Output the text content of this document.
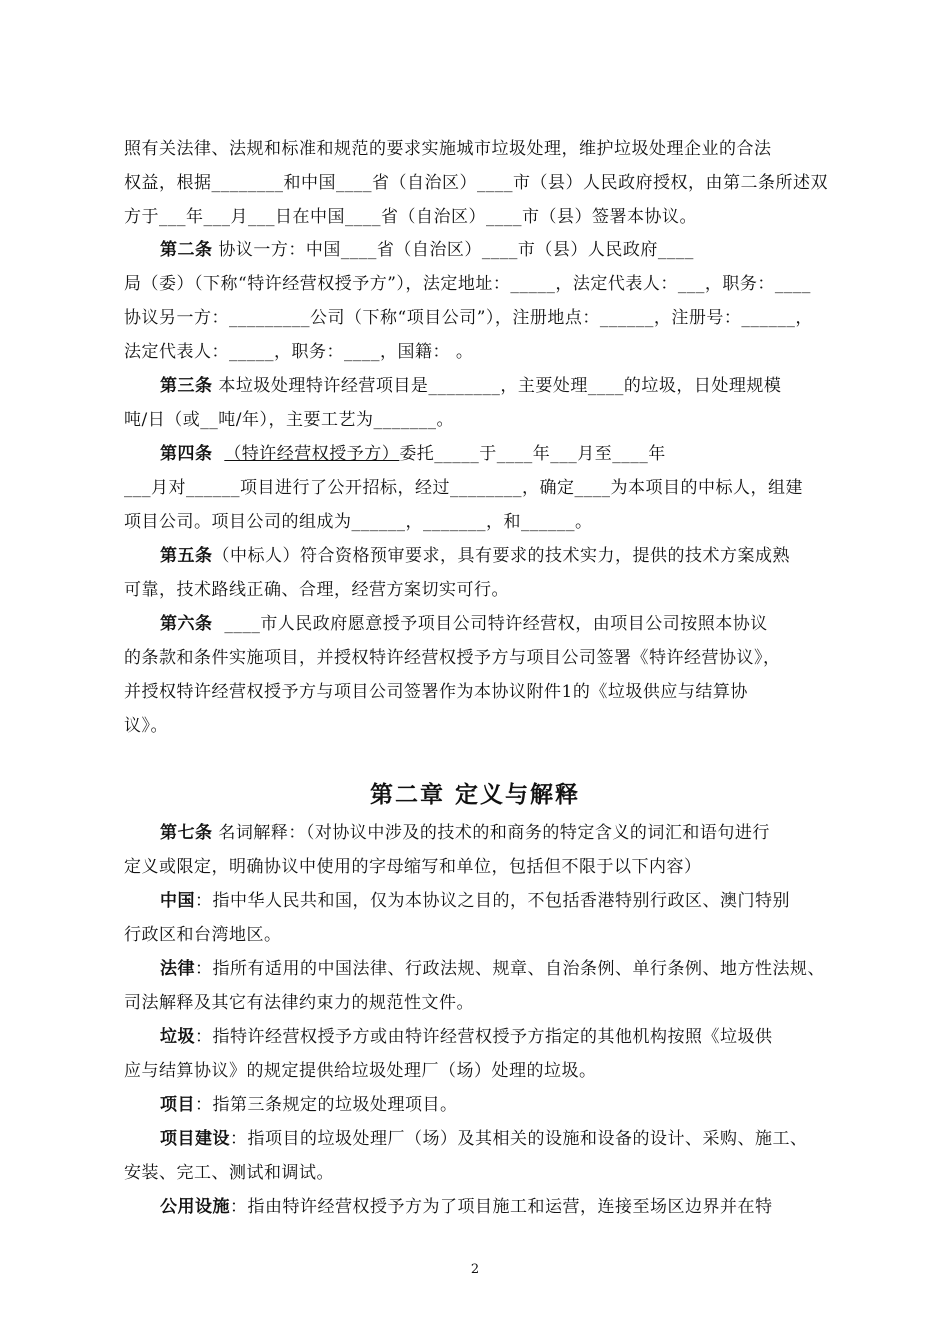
照有关法律、法规和标准和规范的要求实施城市垃圾处理，维护垃圾处理企业的合法
权益，根据________和中国____省（自治区）____市（县）人民政府授权，由第二条所述双
方于___年___月___日在中国____省（自治区）____市（县）签署本协议。
第二条 协议一方：中国____省（自治区）____市（县）人民政府____
局（委）（下称“特许经营权授予方”），法定地址：_____，法定代表人：___，职务：____
协议另一方：_________公司（下称“项目公司”），注册地点：______，注册号：______，
法定代表人：_____，职务：____，国籍： 。
第三条 本垃圾处理特许经营项目是________，主要处理____的垃圾，日处理规模
吨/日（或__吨/年），主要工艺为_______。
第四条 （特许经营权授予方）委托_____于____年___月至____年
___月对______项目进行了公开招标，经过________，确定____为本项目的中标人，组建
项目公司。项目公司的组成为______，_______，和______。
第五条（中标人）符合资格预审要求，具有要求的技术实力，提供的技术方案成熟
可靠，技术路线正确、合理，经营方案切实可行。
第六条 ____市人民政府愿意授予项目公司特许经营权，由项目公司按照本协议
的条款和条件实施项目，并授权特许经营权授予方与项目公司签署《特许经营协议》，
并授权特许经营权授予方与项目公司签署作为本协议附件1的《垃圾供应与结算协
议》。
第二章 定义与解释
第七条 名词解释：（对协议中涉及的技术的和商务的特定含义的词汇和语句进行
定义或限定，明确协议中使用的字母缩写和单位，包括但不限于以下内容）
中国：指中华人民共和国，仅为本协议之目的，不包括香港特别行政区、澳门特别
行政区和台湾地区。
法律：指所有适用的中国法律、行政法规、规章、自治条例、单行条例、地方性法规、
司法解释及其它有法律约束力的规范性文件。
垃圾：指特许经营权授予方或由特许经营权授予方指定的其他机构按照《垃圾供
应与结算协议》的规定提供给垃圾处理厂（场）处理的垃圾。
项目：指第三条规定的垃圾处理项目。
项目建设：指项目的垃圾处理厂（场）及其相关的设施和设备的设计、采购、施工、
安装、完工、测试和调试。
公用设施：指由特许经营权授予方为了项目施工和运营，连接至场区边界并在特
2
